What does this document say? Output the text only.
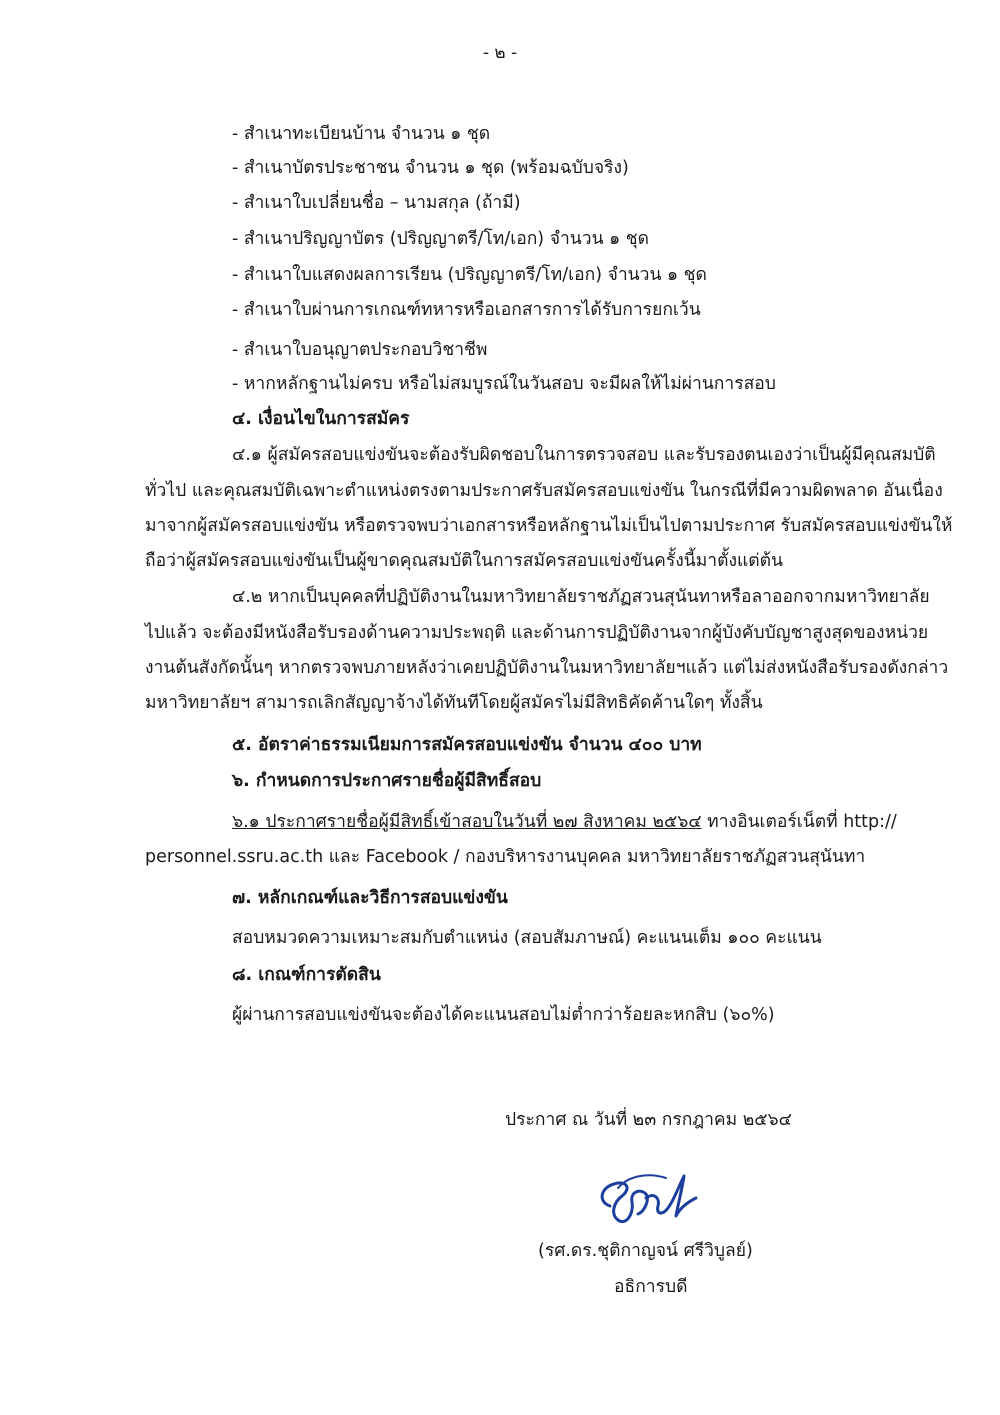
- ๒ -
- สำเนาทะเบียนบ้าน จำนวน ๑ ชุด
- สำเนาบัตรประชาชน จำนวน ๑ ชุด (พร้อมฉบับจริง)
- สำเนาใบเปลี่ยนชื่อ – นามสกุล (ถ้ามี)
- สำเนาปริญญาบัตร (ปริญญาตรี/โท/เอก) จำนวน ๑ ชุด
- สำเนาใบแสดงผลการเรียน (ปริญญาตรี/โท/เอก) จำนวน ๑ ชุด
- สำเนาใบผ่านการเกณฑ์ทหารหรือเอกสารการได้รับการยกเว้น
- สำเนาใบอนุญาตประกอบวิชาชีพ
- หากหลักฐานไม่ครบ หรือไม่สมบูรณ์ในวันสอบ จะมีผลให้ไม่ผ่านการสอบ
๔. เงื่อนไขในการสมัคร
๔.๑ ผู้สมัครสอบแข่งขันจะต้องรับผิดชอบในการตรวจสอบ และรับรองตนเองว่าเป็นผู้มีคุณสมบัติ
ทั่วไป และคุณสมบัติเฉพาะตำแหน่งตรงตามประกาศรับสมัครสอบแข่งขัน ในกรณีที่มีความผิดพลาด อันเนื่อง
มาจากผู้สมัครสอบแข่งขัน หรือตรวจพบว่าเอกสารหรือหลักฐานไม่เป็นไปตามประกาศ รับสมัครสอบแข่งขันให้
ถือว่าผู้สมัครสอบแข่งขันเป็นผู้ขาดคุณสมบัติในการสมัครสอบแข่งขันครั้งนี้มาตั้งแต่ต้น
๔.๒ หากเป็นบุคคลที่ปฏิบัติงานในมหาวิทยาลัยราชภัฏสวนสุนันทาหรือลาออกจากมหาวิทยาลัย
ไปแล้ว จะต้องมีหนังสือรับรองด้านความประพฤติ และด้านการปฏิบัติงานจากผู้บังคับบัญชาสูงสุดของหน่วย
งานต้นสังกัดนั้นๆ หากตรวจพบภายหลังว่าเคยปฏิบัติงานในมหาวิทยาลัยฯแล้ว แต่ไม่ส่งหนังสือรับรองดังกล่าว
มหาวิทยาลัยฯ สามารถเลิกสัญญาจ้างได้ทันทีโดยผู้สมัครไม่มีสิทธิคัดค้านใดๆ ทั้งสิ้น
๕. อัตราค่าธรรมเนียมการสมัครสอบแข่งขัน จำนวน ๔๐๐ บาท
๖. กำหนดการประกาศรายชื่อผู้มีสิทธิ์สอบ
๖.๑ ประกาศรายชื่อผู้มีสิทธิ์เข้าสอบในวันที่ ๒๗ สิงหาคม ๒๕๖๔ ทางอินเตอร์เน็ตที่ http://
personnel.ssru.ac.th และ Facebook / กองบริหารงานบุคคล มหาวิทยาลัยราชภัฏสวนสุนันทา
๗. หลักเกณฑ์และวิธีการสอบแข่งขัน
สอบหมวดความเหมาะสมกับตำแหน่ง (สอบสัมภาษณ์) คะแนนเต็ม ๑๐๐ คะแนน
๘. เกณฑ์การตัดสิน
ผู้ผ่านการสอบแข่งขันจะต้องได้คะแนนสอบไม่ต่ำกว่าร้อยละหกสิบ (๖๐%)
ประกาศ ณ วันที่ ๒๓ กรกฎาคม ๒๕๖๔
(รศ.ดร.ชุติกาญจน์ ศรีวิบูลย์)
อธิการบดี
